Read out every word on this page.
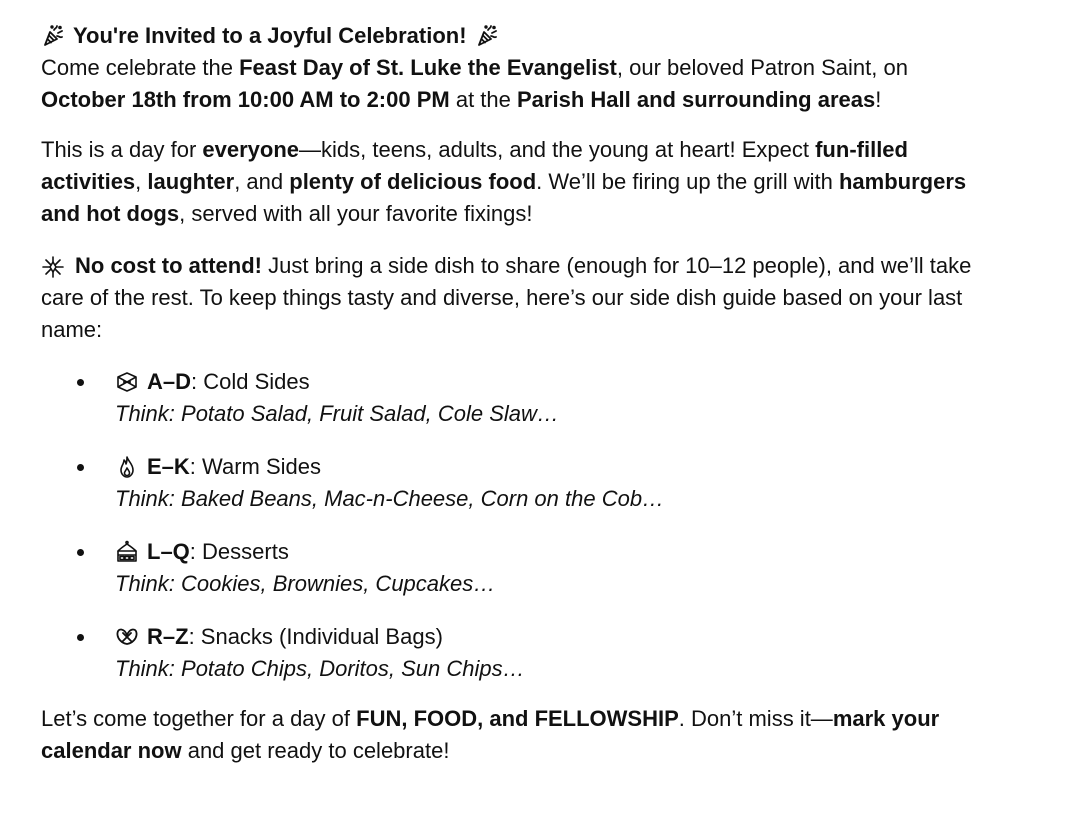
You're Invited to a Joyful Celebration!

Come celebrate the Feast Day of St. Luke the Evangelist, our beloved Patron Saint, on October 18th from 10:00 AM to 2:00 PM at the Parish Hall and surrounding areas!

This is a day for everyone—kids, teens, adults, and the young at heart! Expect fun-filled activities, laughter, and plenty of delicious food. We’ll be firing up the grill with hamburgers and hot dogs, served with all your favorite fixings!

No cost to attend! Just bring a side dish to share (enough for 10–12 people), and we’ll take care of the rest. To keep things tasty and diverse, here’s our side dish guide based on your last name:

A–D : Cold Sides
Think: Potato Salad, Fruit Salad, Cole Slaw…
E–K : Warm Sides
Think: Baked Beans, Mac-n-Cheese, Corn on the Cob…
L–Q : Desserts
Think: Cookies, Brownies, Cupcakes…
R–Z : Snacks (Individual Bags)
Think: Potato Chips, Doritos, Sun Chips…

Let’s come together for a day of FUN, FOOD, and FELLOWSHIP. Don’t miss it—mark your calendar now and get ready to celebrate!
